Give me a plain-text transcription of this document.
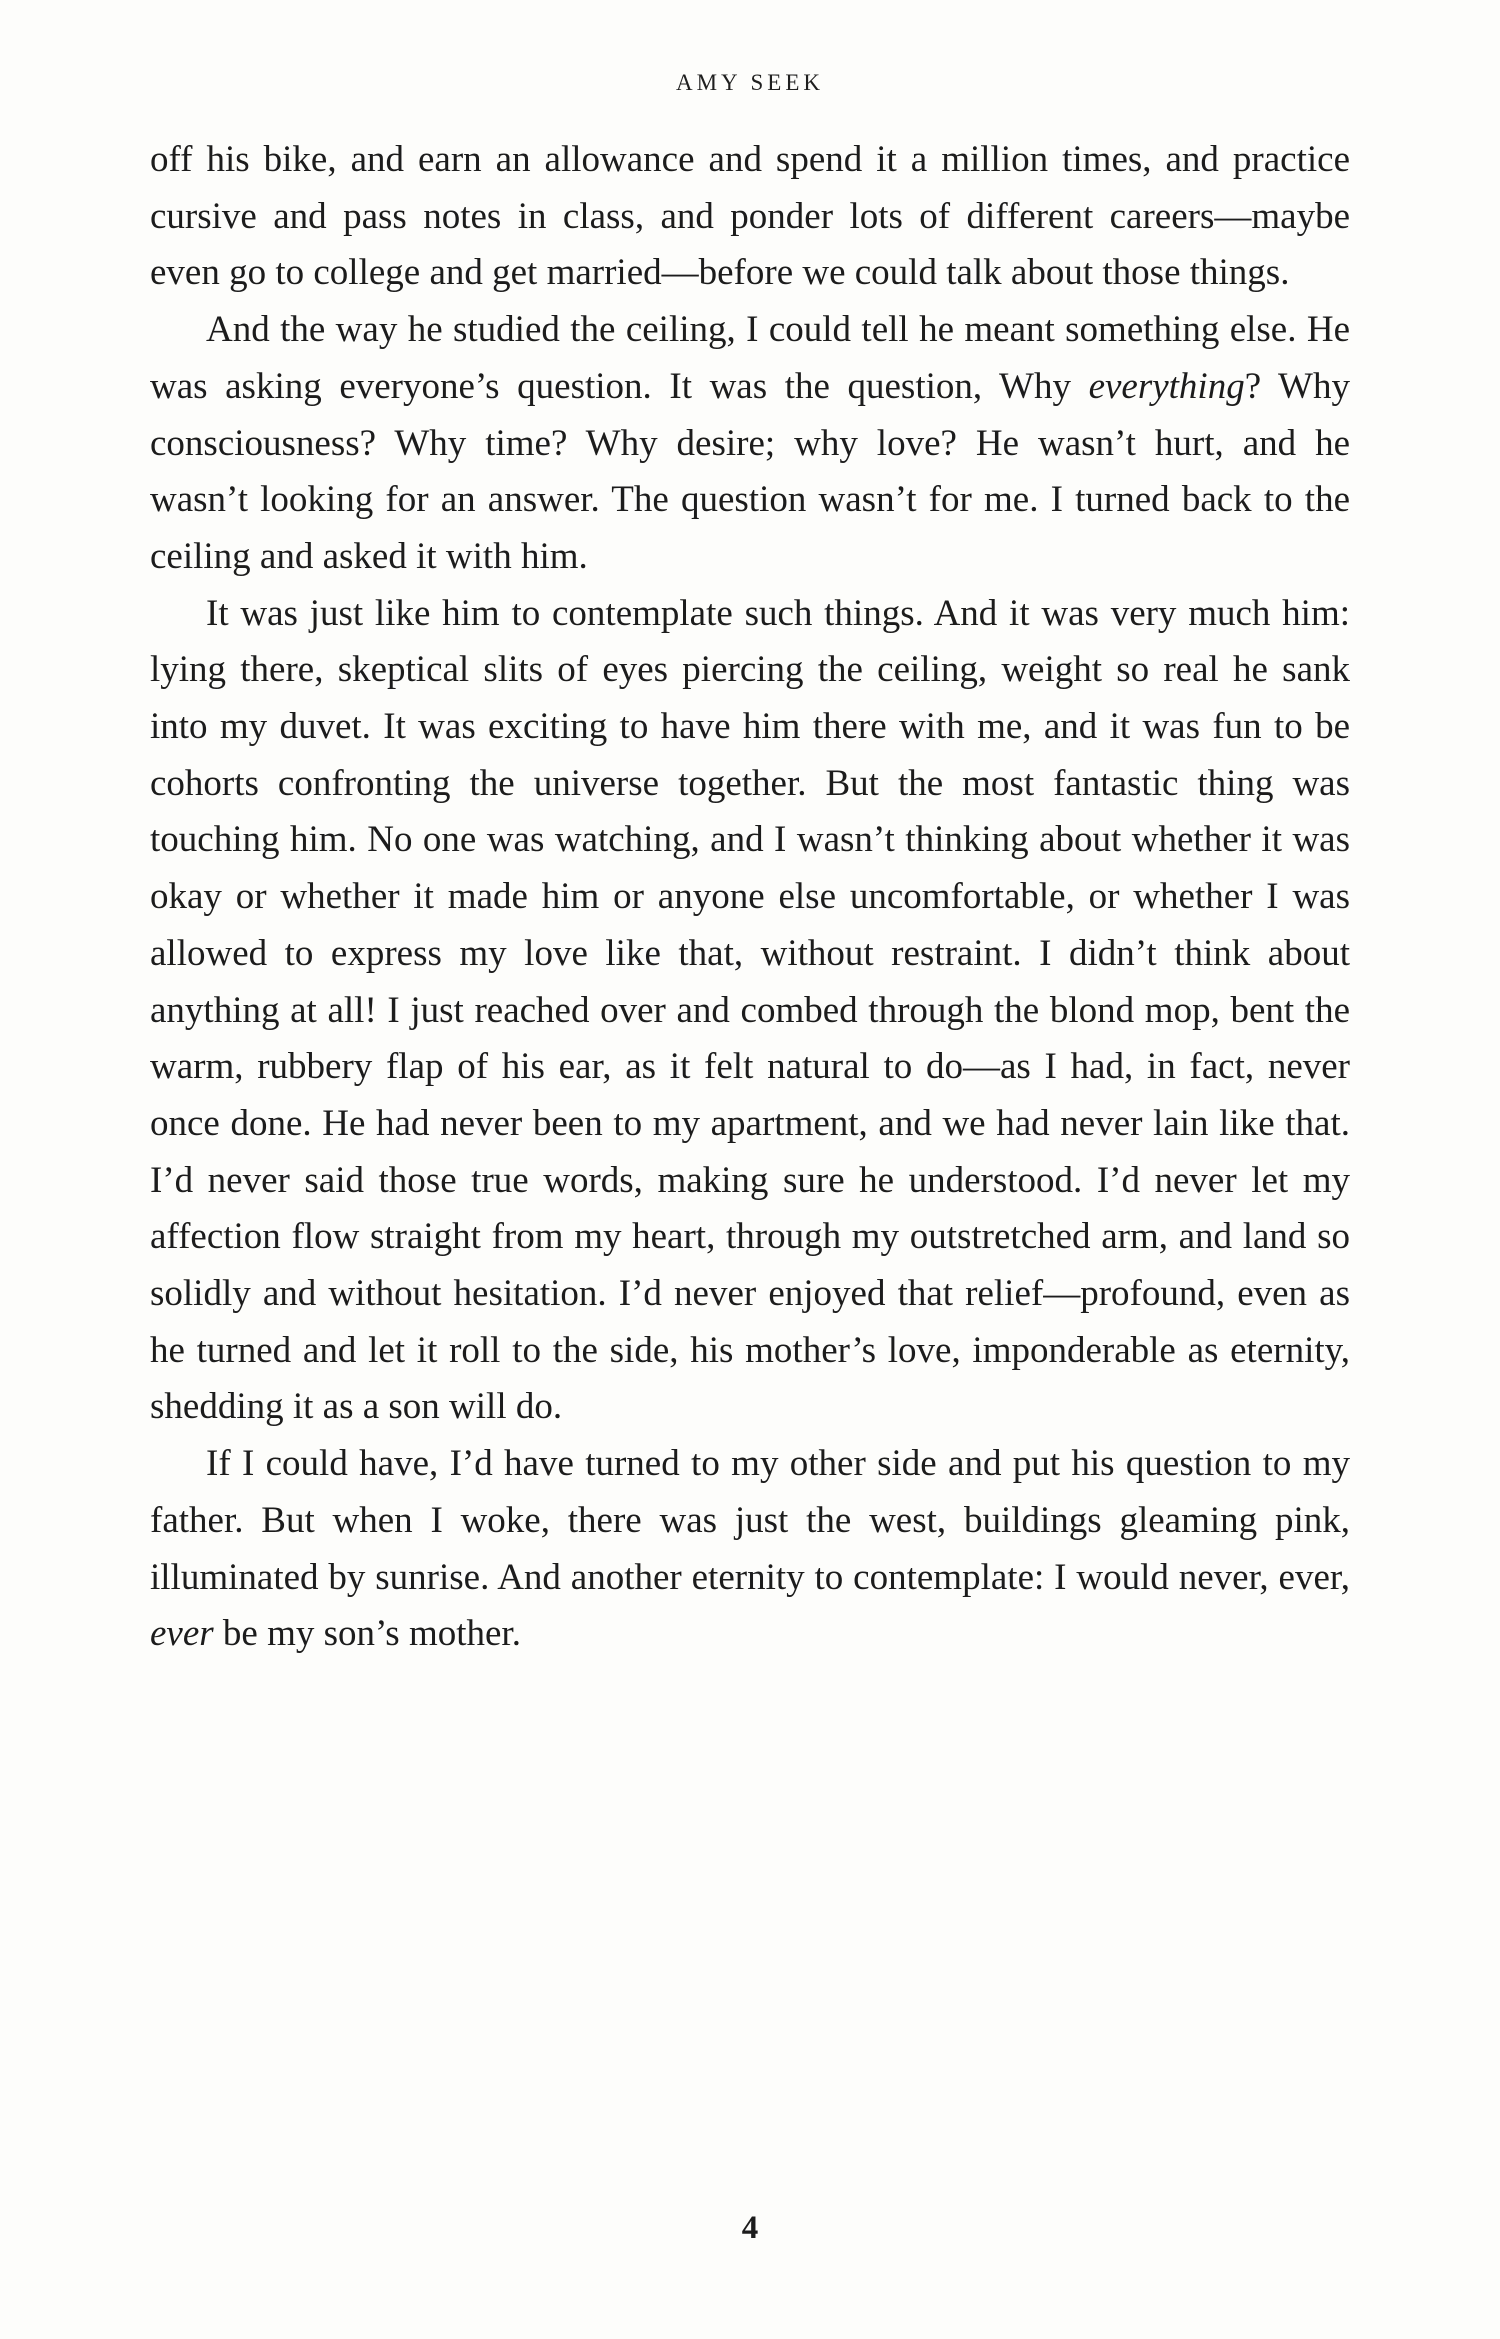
AMY SEEK

off his bike, and earn an allowance and spend it a million times, and practice cursive and pass notes in class, and ponder lots of different careers—maybe even go to college and get married—before we could talk about those things.

And the way he studied the ceiling, I could tell he meant something else. He was asking everyone’s question. It was the question, Why everything? Why consciousness? Why time? Why desire; why love? He wasn’t hurt, and he wasn’t looking for an answer. The question wasn’t for me. I turned back to the ceiling and asked it with him.

It was just like him to contemplate such things. And it was very much him: lying there, skeptical slits of eyes piercing the ceiling, weight so real he sank into my duvet. It was exciting to have him there with me, and it was fun to be cohorts confronting the universe together. But the most fantastic thing was touching him. No one was watching, and I wasn’t thinking about whether it was okay or whether it made him or anyone else uncomfortable, or whether I was allowed to express my love like that, without restraint. I didn’t think about anything at all! I just reached over and combed through the blond mop, bent the warm, rubbery flap of his ear, as it felt natural to do—as I had, in fact, never once done. He had never been to my apartment, and we had never lain like that. I’d never said those true words, making sure he understood. I’d never let my affection flow straight from my heart, through my outstretched arm, and land so solidly and without hesitation. I’d never enjoyed that relief—profound, even as he turned and let it roll to the side, his mother’s love, imponderable as eternity, shedding it as a son will do.

If I could have, I’d have turned to my other side and put his question to my father. But when I woke, there was just the west, buildings gleaming pink, illuminated by sunrise. And another eternity to contemplate: I would never, ever, ever be my son’s mother.

4
